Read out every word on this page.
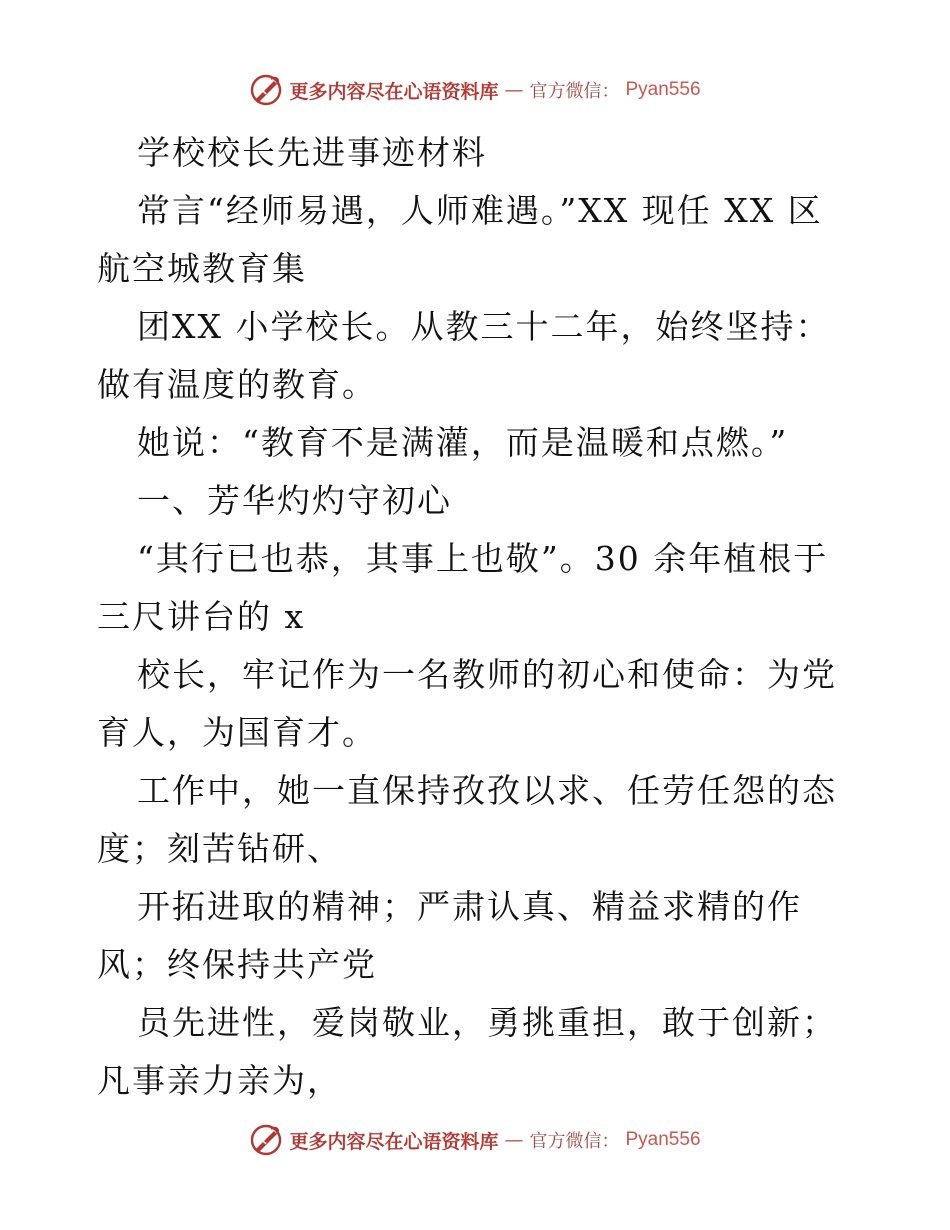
更多内容尽在心语资料库 — 官方微信： Pyan556

学校校长先进事迹材料

常言“经师易遇，人师难遇。”XX 现任 XX 区航空城教育集

团XX 小学校长。从教三十二年，始终坚持：做有温度的教育。

她说：“教育不是满灌，而是温暖和点燃。”

一、芳华灼灼守初心

“其行已也恭，其事上也敬”。30 余年植根于三尺讲台的 x

校长，牢记作为一名教师的初心和使命：为党育人，为国育才。

工作中，她一直保持孜孜以求、任劳任怨的态度；刻苦钻研、

开拓进取的精神；严肃认真、精益求精的作风；终保持共产党

员先进性，爱岗敬业，勇挑重担，敢于创新；凡事亲力亲为，

更多内容尽在心语资料库 — 官方微信： Pyan556
